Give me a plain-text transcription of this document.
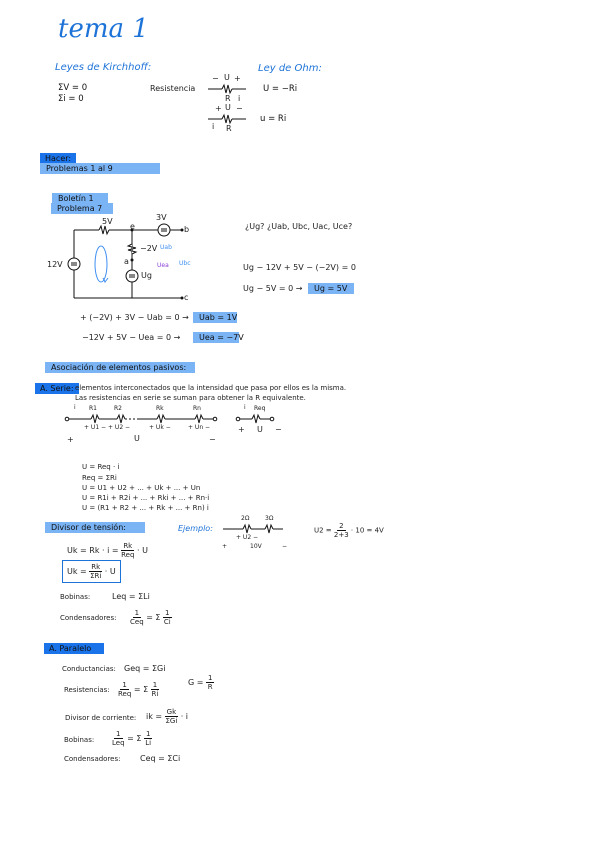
tema 1
Leyes de Kirchhoff:
ΣV = 0
Σi = 0
Resistencia
− U +
R i
Ley de Ohm:
U = −Ri
+ U −
R
i
u = Ri
Hacer:
Problemas 1 al 9
Boletín 1
Problema 7
12V
5V
e
3V
b
−2V
a
Ug
c
Uab
Uea Ubc
¿Ug? ¿Uab, Ubc, Uac, Uce?
Ug − 12V + 5V − (−2V) = 0
Ug − 5V = 0 →	Ug = 5V
+ (−2V) + 3V − Uab = 0 →	Uab = 1V
−12V + 5V − Uea = 0 →	Uea = −7V
Asociación de elementos pasivos:
A. Serie: elementos interconectados que la intensidad que pasa por ellos es la misma.
Las resistencias en serie se suman para obtener la R equivalente.
i R1	R2	Rk	Rn
+ U1 − + U2 −	+ Uk −	+ Un −
+	U	−
i Req
+ U −
U = Req · i
Req = ΣRi
U = U1 + U2 + ... + Uk + ... + Un
U = R1i + R2i + ... + Rki + ... + Rn·i
U = (R1 + R2 + ... + Rk + ... + Rn) i
Divisor de tensión:
$Uk = Rk \cdot i = \frac{Rk}{\text{Req}} \cdot U$
$Uk = \frac{Rk}{\text{ΣRi}} \cdot U$
Ejemplo:
2Ω	3Ω
+ U2 −
+	10V	−
$U2 = \frac{2}{2+3} \cdot 10 = 4V$
Bobinas:	Leq = ΣLi
Condensadores: $\frac{1}{\text{Ceq}} = \Sigma \frac{1}{Ci}$
A. Paralelo
Conductancias: Geq = ΣGi
$G = \frac{1}{R}$
Resistencias: $\frac{1}{\text{Req}} = \Sigma \frac{1}{Ri}$
Divisor de corriente: ik = $\frac{Gk}{\text{ΣGi}} \cdot i$
Bobinas:	$\frac{1}{\text{Leq}} = \Sigma \frac{1}{Li}$
Condensadores: Ceq = ΣCi
